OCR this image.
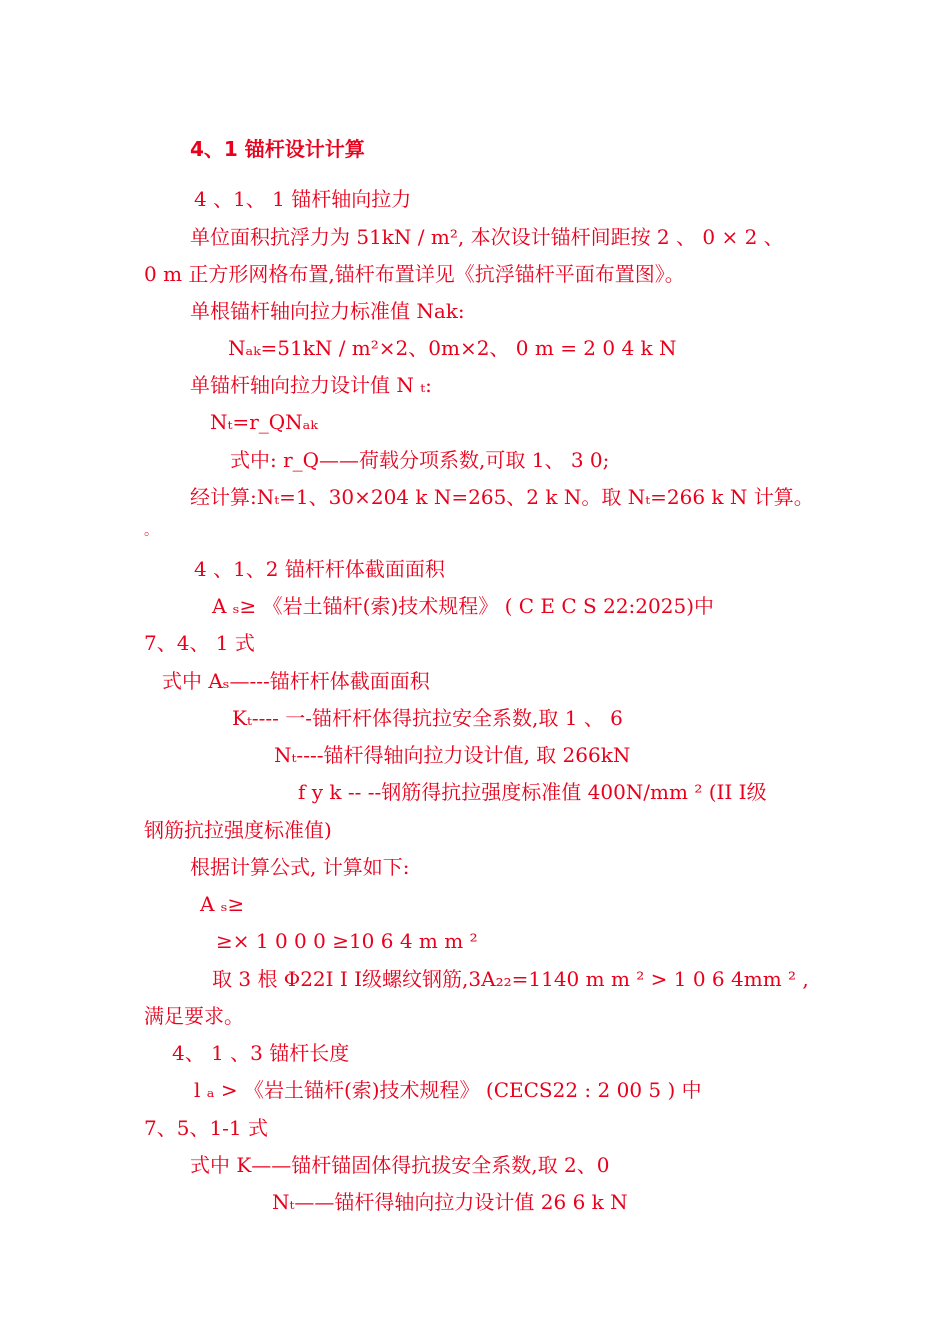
4、1 锚杆设计计算
4 、1、 1 锚杆轴向拉力
单位面积抗浮力为 51kN / m², 本次设计锚杆间距按 2 、 0 × 2 、
0 m 正方形网格布置,锚杆布置详见《抗浮锚杆平面布置图》。
单根锚杆轴向拉力标准值 Nak:
Nₐₖ=51kN / m²×2、0m×2、 0 m = 2 0 4 k N
单锚杆轴向拉力设计值 N ₜ:
Nₜ=r_QNₐₖ
式中: r_Q——荷载分项系数,可取 1、 3 0;
经计算:Nₜ=1、30×204 k N=265、2 k N。取 Nₜ=266 k N 计算。
。
4 、1、2 锚杆杆体截面面积
A ₛ≥ 《岩土锚杆(索)技术规程》 ( C E C S 22:2025)中
7、4、 1 式
式中 Aₛ—‑‑‑锚杆杆体截面面积
Kₜ---- 一-锚杆杆体得抗拉安全系数,取 1 、 6
Nₜ‑‑‑‑锚杆得轴向拉力设计值, 取 266kN
f y k ‑‑ ‑‑钢筋得抗拉强度标准值 400N/mm ² (II Ⅰ级
钢筋抗拉强度标准值)
根据计算公式, 计算如下:
A ₛ≥
≥× 1 0 0 0 ≥10 6 4 m m ²
取 3 根 Φ22I Ⅰ Ⅰ级螺纹钢筋,3A₂₂=1140 m m ² > 1 0 6 4mm ² ,
满足要求。
4、 1 、3 锚杆长度
l ₐ > 《岩土锚杆(索)技术规程》 (CECS22 : 2 00 5 ) 中
7、5、1‑1 式
式中 K——锚杆锚固体得抗拔安全系数,取 2、0
Nₜ——锚杆得轴向拉力设计值 26 6 k N
